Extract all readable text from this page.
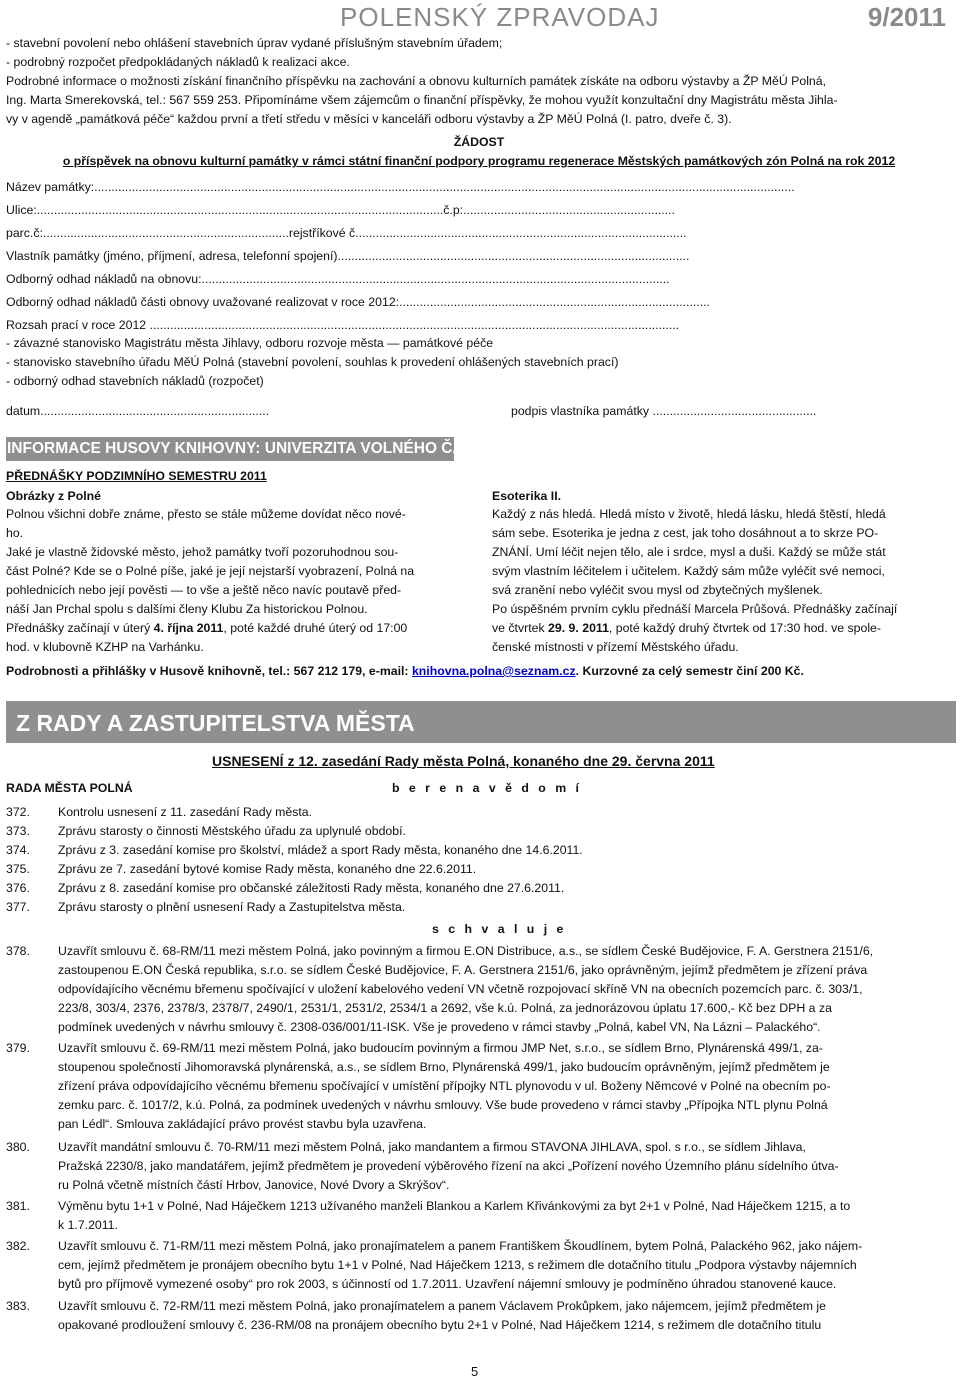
POLENSKÝ ZPRAVODAJ	9/2011
- stavební povolení nebo ohlášení stavebních úprav vydané příslušným stavebním úřadem;
- podrobný rozpočet předpokládaných nákladů k realizaci akce.
Podrobné informace o možnosti získání finančního příspěvku na zachování a obnovu kulturních památek získáte na odboru výstavby a ŽP MěÚ Polná,
Ing. Marta Smerekovská, tel.: 567 559 253. Připomínáme všem zájemcům o finanční příspěvky, že mohou využít konzultační dny Magistrátu města Jihla-
vy v agendě „památková péče“ každou první a třetí středu v měsíci v kanceláři odboru výstavby a ŽP MěÚ Polná (I. patro, dveře č. 3).
ŽÁDOST
o příspěvek na obnovu kulturní památky v rámci státní finanční podpory programu regenerace Městských památkových zón Polná na rok 2012
Název památky:.............................................................................................................................................................................................................
Ulice:.......................................................................................................................č.p:..............................................................
parc.č:........................................................................rejstříkové č.................................................................................................
Vlastník památky (jméno, příjmení, adresa, telefonní spojení).......................................................................................................
Odborný odhad nákladů na obnovu:.........................................................................................................................................
Odborný odhad nákladů části obnovy uvažované realizovat v roce 2012:...........................................................................................
Rozsah prací v roce 2012 ...........................................................................................................................................................
- závazné stanovisko Magistrátu města Jihlavy, odboru rozvoje města — památkové péče
- stanovisko stavebního úřadu MěÚ Polná (stavební povolení, souhlas k provedení ohlášených stavebních prací)
- odborný odhad stavebních nákladů (rozpočet)
datum...................................................................	podpis vlastníka památky ................................................
INFORMACE HUSOVY KNIHOVNY: UNIVERZITA VOLNÉHO ČASU
PŘEDNÁŠKY PODZIMNÍHO SEMESTRU 2011
Obrázky z Polné
Polnou všichni dobře známe, přesto se stále můžeme dovídat něco nové-
ho.
Jaké je vlastně židovské město, jehož památky tvoří pozoruhodnou sou-
část Polné? Kde se o Polné píše, jaké je její nejstarší vyobrazení, Polná na
pohlednicích nebo její pověsti — to vše a ještě něco navíc poutavě před-
náší Jan Prchal spolu s dalšími členy Klubu Za historickou Polnou.
Přednášky začínají v úterý 4. října 2011, poté každé druhé úterý od 17:00
hod. v klubovně KZHP na Varhánku.
Esoterika II.
Každý z nás hledá. Hledá místo v životě, hledá lásku, hledá štěstí, hledá
sám sebe. Esoterika je jedna z cest, jak toho dosáhnout a to skrze PO-
ZNÁNÍ. Umí léčit nejen tělo, ale i srdce, mysl a duši. Každý se může stát
svým vlastním léčitelem i učitelem. Každý sám může vyléčit své nemoci,
svá zranění nebo vyléčit svou mysl od zbytečných myšlenek.
Po úspěšném prvním cyklu přednáší Marcela Průšová. Přednášky začínají
ve čtvrtek 29. 9. 2011, poté každý druhý čtvrtek od 17:30 hod. ve spole-
čenské místnosti v přízemí Městského úřadu.
Podrobnosti a přihlášky v Husově knihovně, tel.: 567 212 179, e-mail: knihovna.polna@seznam.cz. Kurzovné za celý semestr činí 200 Kč.
Z RADY A ZASTUPITELSTVA MĚSTA
USNESENÍ z 12. zasedání Rady města Polná, konaného dne 29. června 2011
RADA MĚSTA POLNÁ	b e r e n a v ě d o m í
372.	Kontrolu usnesení z 11. zasedání Rady města.
373.	Zprávu starosty o činnosti Městského úřadu za uplynulé období.
374.	Zprávu z 3. zasedání komise pro školství, mládež a sport Rady města, konaného dne 14.6.2011.
375.	Zprávu ze 7. zasedání bytové komise Rady města, konaného dne 22.6.2011.
376.	Zprávu z 8. zasedání komise pro občanské záležitosti Rady města, konaného dne 27.6.2011.
377.	Zprávu starosty o plnění usnesení Rady a Zastupitelstva města.
s c h v a l u j e
378.	Uzavřít smlouvu č. 68-RM/11 mezi městem Polná, jako povinným a firmou E.ON Distribuce, a.s., se sídlem České Budějovice, F. A. Gerstnera 2151/6,
zastoupenou E.ON Česká republika, s.r.o. se sídlem České Budějovice, F. A. Gerstnera 2151/6, jako oprávněným, jejímž předmětem je zřízení práva
odpovídajícího věcnému břemenu spočívající v uložení kabelového vedení VN včetně rozpojovací skříně VN na obecních pozemcích parc. č. 303/1,
223/8, 303/4, 2376, 2378/3, 2378/7, 2490/1, 2531/1, 2531/2, 2534/1 a 2692, vše k.ú. Polná, za jednorázovou úplatu 17.600,- Kč bez DPH a za
podmínek uvedených v návrhu smlouvy č. 2308-036/001/11-ISK. Vše je provedeno v rámci stavby „Polná, kabel VN, Na Lázni – Palackého“.
379.	Uzavřít smlouvu č. 69-RM/11 mezi městem Polná, jako budoucím povinným a firmou JMP Net, s.r.o., se sídlem Brno, Plynárenská 499/1, za-
stoupenou společností Jihomoravská plynárenská, a.s., se sídlem Brno, Plynárenská 499/1, jako budoucím oprávněným, jejímž předmětem je
zřízení práva odpovídajícího věcnému břemenu spočívající v umístění přípojky NTL plynovodu v ul. Boženy Němcové v Polné na obecním po-
zemku parc. č. 1017/2, k.ú. Polná, za podmínek uvedených v návrhu smlouvy. Vše bude provedeno v rámci stavby „Přípojka NTL plynu Polná
pan Lédl“. Smlouva zakládající právo provést stavbu byla uzavřena.
380.	Uzavřít mandátní smlouvu č. 70-RM/11 mezi městem Polná, jako mandantem a firmou STAVONA JIHLAVA, spol. s r.o., se sídlem Jihlava,
Pražská 2230/8, jako mandatářem, jejímž předmětem je provedení výběrového řízení na akci „Pořízení nového Územního plánu sídelního útva-
ru Polná včetně místních částí Hrbov, Janovice, Nové Dvory a Skrýšov“.
381.	Výměnu bytu 1+1 v Polné, Nad Háječkem 1213 užívaného manželi Blankou a Karlem Křivánkovými za byt 2+1 v Polné, Nad Háječkem 1215, a to
k 1.7.2011.
382.	Uzavřít smlouvu č. 71-RM/11 mezi městem Polná, jako pronajímatelem a panem Františkem Škoudlínem, bytem Polná, Palackého 962, jako nájem-
cem, jejímž předmětem je pronájem obecního bytu 1+1 v Polné, Nad Háječkem 1213, s režimem dle dotačního titulu „Podpora výstavby nájemních
bytů pro příjmově vymezené osoby“ pro rok 2003, s účinností od 1.7.2011. Uzavření nájemní smlouvy je podmíněno úhradou stanovené kauce.
383.	Uzavřít smlouvu č. 72-RM/11 mezi městem Polná, jako pronajímatelem a panem Václavem Prokůpkem, jako nájemcem, jejímž předmětem je
opakované prodloužení smlouvy č. 236-RM/08 na pronájem obecního bytu 2+1 v Polné, Nad Háječkem 1214, s režimem dle dotačního titulu
5
